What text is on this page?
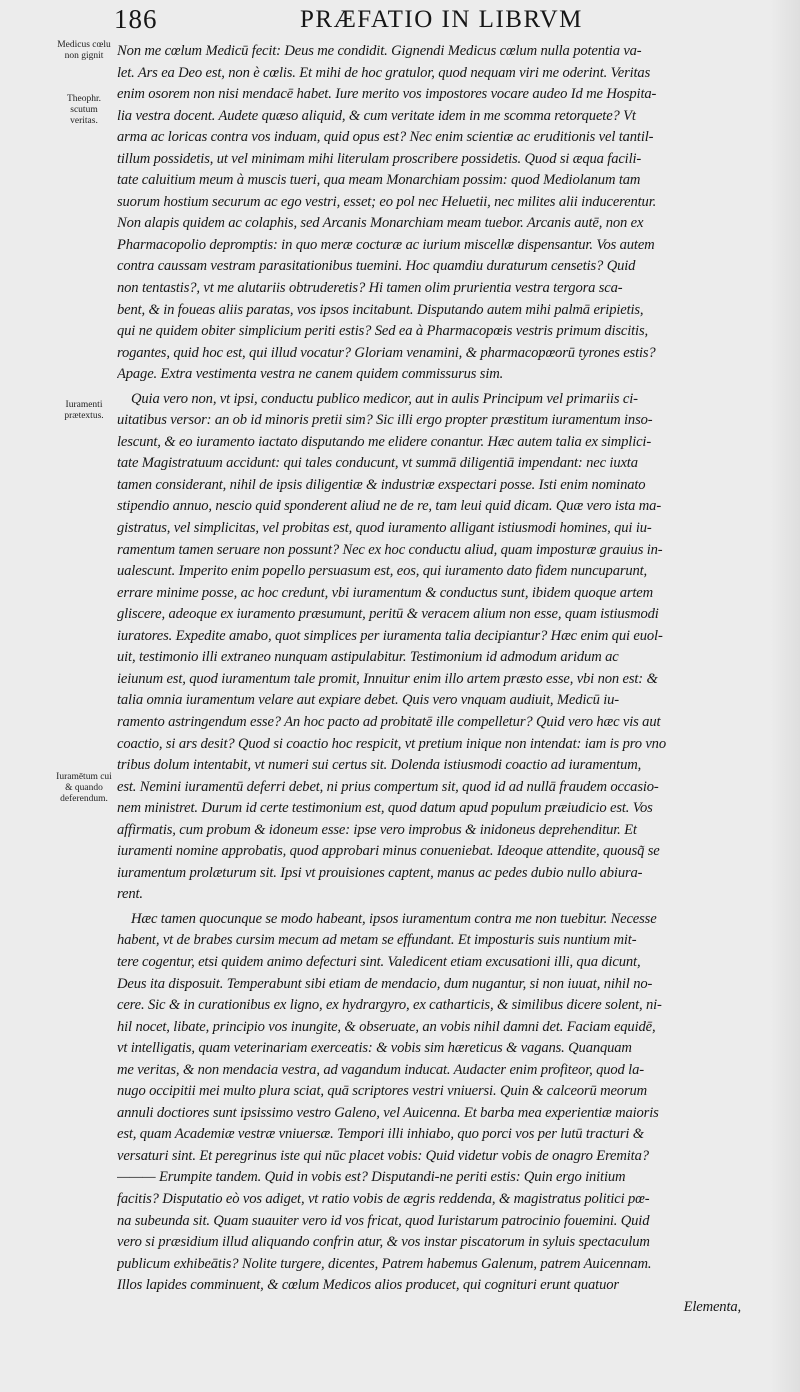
186	PRÆFATIO IN LIBRVM
Medicus cœlu non gignit
Theophr. scutum veritas.
Iuramenti prætextus.
Iuramētum cui & quando deferendum.
Non me cœlum Medicū fecit: Deus me condidit. Gignendi Medicus cœlum nulla potentia va-
let. Ars ea Deo est, non è cœlis. Et mihi de hoc gratulor, quod nequam viri me oderint. Veritas
enim osorem non nisi mendacē habet. Iure merito vos impostores vocare audeo Id me Hospita-
lia vestra docent. Audete quæso aliquid, & cum veritate idem in me scomma retorquete? Vt
arma ac loricas contra vos induam, quid opus est? Nec enim scientiæ ac eruditionis vel tantil-
tillum possidetis, ut vel minimam mihi literulam proscribere possidetis. Quod si æqua facili-
tate caluitium meum à muscis tueri, qua meam Monarchiam possim: quod Mediolanum tam
suorum hostium securum ac ego vestri, esset; eo pol nec Heluetii, nec milites alii inducerentur.
Non alapis quidem ac colaphis, sed Arcanis Monarchiam meam tuebor. Arcanis autē, non ex
Pharmacopolio depromptis: in quo meræ cocturæ ac iurium miscellæ dispensantur. Vos autem
contra caussam vestram parasitationibus tuemini. Hoc quamdiu duraturum censetis? Quid
non tentastis?, vt me alutariis obtruderetis? Hi tamen olim prurientia vestra tergora sca-
bent, & in foueas aliis paratas, vos ipsos incitabunt. Disputando autem mihi palmā eripietis,
qui ne quidem obiter simplicium periti estis? Sed ea à Pharmacopœis vestris primum discitis,
rogantes, quid hoc est, qui illud vocatur? Gloriam venamini, & pharmacopœorū tyrones estis?
Apage. Extra vestimenta vestra ne canem quidem commissurus sim.
Quia vero non, vt ipsi, conductu publico medicor, aut in aulis Principum vel primariis ci-
uitatibus versor: an ob id minoris pretii sim? Sic illi ergo propter præstitum iuramentum inso-
lescunt, & eo iuramento iactato disputando me elidere conantur. Hæc autem talia ex simplici-
tate Magistratuum accidunt: qui tales conducunt, vt summā diligentiā impendant: nec iuxta
tamen considerant, nihil de ipsis diligentiæ & industriæ exspectari posse. Isti enim nominato
stipendio annuo, nescio quid sponderent aliud ne de re, tam leui quid dicam. Quæ vero ista ma-
gistratus, vel simplicitas, vel probitas est, quod iuramento alligant istiusmodi homines, qui iu-
ramentum tamen seruare non possunt? Nec ex hoc conductu aliud, quam imposturæ grauius in-
ualescunt. Imperito enim popello persuasum est, eos, qui iuramento dato fidem nuncuparunt,
errare minime posse, ac hoc credunt, vbi iuramentum & conductus sunt, ibidem quoque artem
gliscere, adeoque ex iuramento præsumunt, peritū & veracem alium non esse, quam istiusmodi
iuratores. Expedite amabo, quot simplices per iuramenta talia decipiantur? Hæc enim qui euol-
uit, testimonio illi extraneo nunquam astipulabitur. Testimonium id admodum aridum ac
ieiunum est, quod iuramentum tale promit, Innuitur enim illo artem præsto esse, vbi non est: &
talia omnia iuramentum velare aut expiare debet. Quis vero vnquam audiuit, Medicū iu-
ramento astringendum esse? An hoc pacto ad probitatē ille compelletur? Quid vero hæc vis aut
coactio, si ars desit? Quod si coactio hoc respicit, vt pretium inique non intendat: iam is pro vno
tribus dolum intentabit, vt numeri sui certus sit. Dolenda istiusmodi coactio ad iuramentum,
est. Nemini iuramentū deferri debet, ni prius compertum sit, quod id ad nullā fraudem occasio-
nem ministret. Durum id certe testimonium est, quod datum apud populum præiudicio est. Vos
affirmatis, cum probum & idoneum esse: ipse vero improbus & inidoneus deprehenditur. Et
iuramenti nomine approbatis, quod approbari minus conueniebat. Ideoque attendite, quousq̃ se
iuramentum prolæturum sit. Ipsi vt prouisiones captent, manus ac pedes dubio nullo abiura-
rent.
Hæc tamen quocunque se modo habeant, ipsos iuramentum contra me non tuebitur. Necesse
habent, vt de brabes cursim mecum ad metam se effundant. Et imposturis suis nuntium mit-
tere cogentur, etsi quidem animo defecturi sint. Valedicent etiam excusationi illi, qua dicunt,
Deus ita disposuit. Temperabunt sibi etiam de mendacio, dum nugantur, si non iuuat, nihil no-
cere. Sic & in curationibus ex ligno, ex hydrargyro, ex catharticis, & similibus dicere solent, ni-
hil nocet, libate, principio vos inungite, & obseruate, an vobis nihil damni det. Faciam equidē,
vt intelligatis, quam veterinariam exerceatis: & vobis sim hæreticus & vagans. Quanquam
me veritas, & non mendacia vestra, ad vagandum inducat. Audacter enim profiteor, quod la-
nugo occipitii mei multo plura sciat, quā scriptores vestri vniuersi. Quin & calceorū meorum
annuli doctiores sunt ipsissimo vestro Galeno, vel Auicenna. Et barba mea experientiæ maioris
est, quam Academiæ vestræ vniuersæ. Tempori illi inhiabo, quo porci vos per lutū tracturi &
versaturi sint. Et peregrinus iste qui nūc placet vobis: Quid videtur vobis de onagro Eremita?
——— Erumpite tandem. Quid in vobis est? Disputandi-ne periti estis: Quin ergo initium
facitis? Disputatio eò vos adiget, vt ratio vobis de ægris reddenda, & magistratus politici pœ-
na subeunda sit. Quam suauiter vero id vos fricat, quod Iuristarum patrocinio fouemini. Quid
vero si præsidium illud aliquando confrin atur, & vos instar piscatorum in syluis spectaculum
publicum exhibeātis? Nolite turgere, dicentes, Patrem habemus Galenum, patrem Auicennam.
Illos lapides comminuent, & cœlum Medicos alios producet, qui cognituri erunt quatuor
Elementa,
